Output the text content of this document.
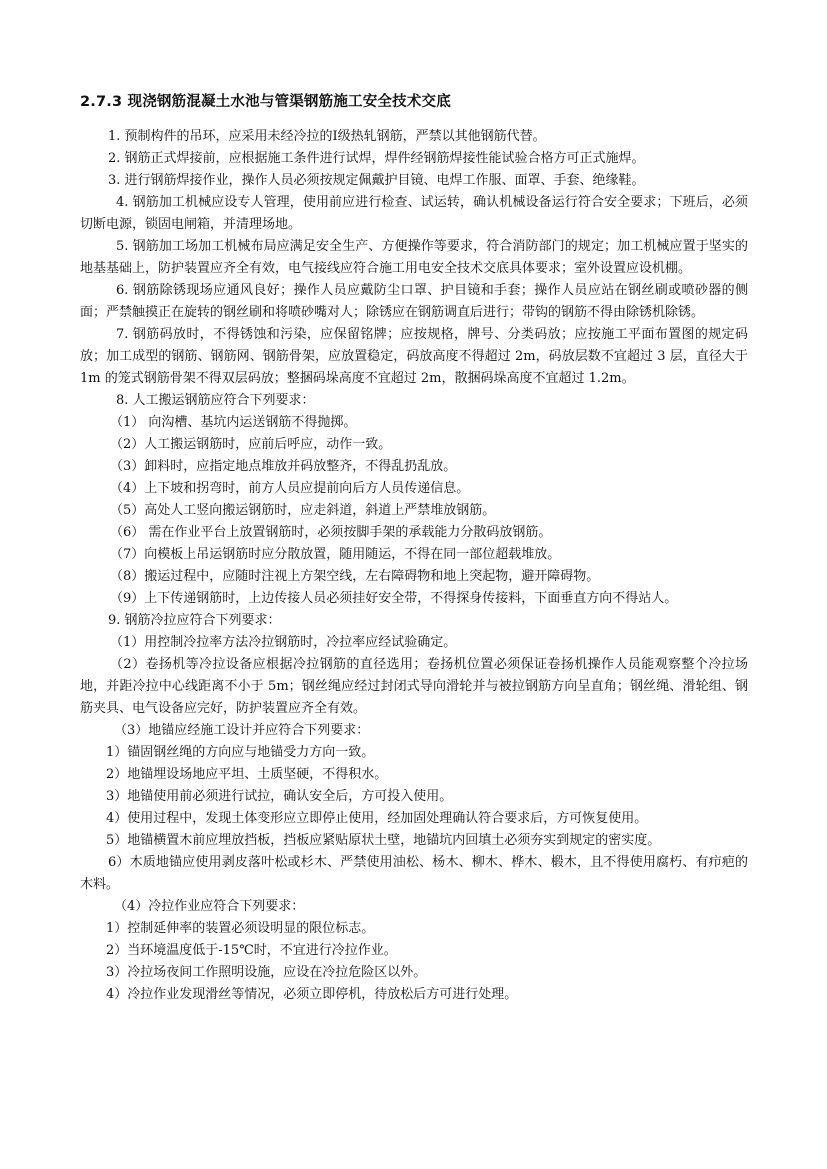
2.7.3 现浇钢筋混凝土水池与管渠钢筋施工安全技术交底

1. 预制构件的吊环，应采用未经冷拉的Ⅰ级热轧钢筋，严禁以其他钢筋代替。

2. 钢筋正式焊接前，应根据施工条件进行试焊，焊件经钢筋焊接性能试验合格方可正式施焊。

3. 进行钢筋焊接作业，操作人员必须按规定佩戴护目镜、电焊工作服、面罩、手套、绝缘鞋。

4. 钢筋加工机械应设专人管理，使用前应进行检查、试运转，确认机械设备运行符合安全要求；下班后，必须切断电源，锁固电闸箱，并清理场地。

5. 钢筋加工场加工机械布局应满足安全生产、方便操作等要求，符合消防部门的规定；加工机械应置于坚实的地基基础上，防护装置应齐全有效，电气接线应符合施工用电安全技术交底具体要求；室外设置应设机棚。

6. 钢筋除锈现场应通风良好；操作人员应戴防尘口罩、护目镜和手套；操作人员应站在钢丝刷或喷砂器的侧面；严禁触摸正在旋转的钢丝刷和将喷砂嘴对人；除锈应在钢筋调直后进行；带钩的钢筋不得由除锈机除锈。

7. 钢筋码放时，不得锈蚀和污染，应保留铭牌；应按规格，牌号、分类码放；应按施工平面布置图的规定码放；加工成型的钢筋、钢筋网、钢筋骨架，应放置稳定，码放高度不得超过 2m，码放层数不宜超过 3 层，直径大于 1m 的笼式钢筋骨架不得双层码放；整捆码垛高度不宜超过 2m，散捆码垛高度不宜超过 1.2m。

8. 人工搬运钢筋应符合下列要求：

（1） 向沟槽、基坑内运送钢筋不得抛掷。

（2）人工搬运钢筋时，应前后呼应，动作一致。

（3）卸料时，应指定地点堆放并码放整齐，不得乱扔乱放。

（4）上下坡和拐弯时，前方人员应提前向后方人员传递信息。

（5）高处人工竖向搬运钢筋时，应走斜道，斜道上严禁堆放钢筋。

（6） 需在作业平台上放置钢筋时，必须按脚手架的承载能力分散码放钢筋。

（7）向模板上吊运钢筋时应分散放置，随用随运，不得在同一部位超载堆放。

（8）搬运过程中，应随时注视上方架空线，左右障碍物和地上突起物，避开障碍物。

（9）上下传递钢筋时，上边传接人员必须挂好安全带，不得探身传接料，下面垂直方向不得站人。

9. 钢筋冷拉应符合下列要求：

（1）用控制冷拉率方法冷拉钢筋时，冷拉率应经试验确定。

（2）卷扬机等冷拉设备应根据冷拉钢筋的直径选用；卷扬机位置必须保证卷扬机操作人员能观察整个冷拉场地，并距冷拉中心线距离不小于 5m；钢丝绳应经过封闭式导向滑轮并与被拉钢筋方向呈直角；钢丝绳、滑轮组、钢筋夹具、电气设备应完好，防护装置应齐全有效。

（3）地锚应经施工设计并应符合下列要求：

1）锚固钢丝绳的方向应与地锚受力方向一致。

2）地锚埋设场地应平坦、土质坚硬，不得积水。

3）地锚使用前必须进行试拉，确认安全后，方可投入使用。

4）使用过程中，发现土体变形应立即停止使用，经加固处理确认符合要求后，方可恢复使用。

5）地锚横置木前应埋放挡板，挡板应紧贴原状土壁，地锚坑内回填土必须夯实到规定的密实度。

6）木质地锚应使用剥皮落叶松或杉木、严禁使用油松、杨木、柳木、桦木、椴木，且不得使用腐朽、有疖疤的木料。

（4）冷拉作业应符合下列要求：

1）控制延伸率的装置必须设明显的限位标志。

2）当环境温度低于-15℃时，不宜进行冷拉作业。

3）冷拉场夜间工作照明设施，应设在冷拉危险区以外。

4）冷拉作业发现滑丝等情况，必须立即停机，待放松后方可进行处理。
